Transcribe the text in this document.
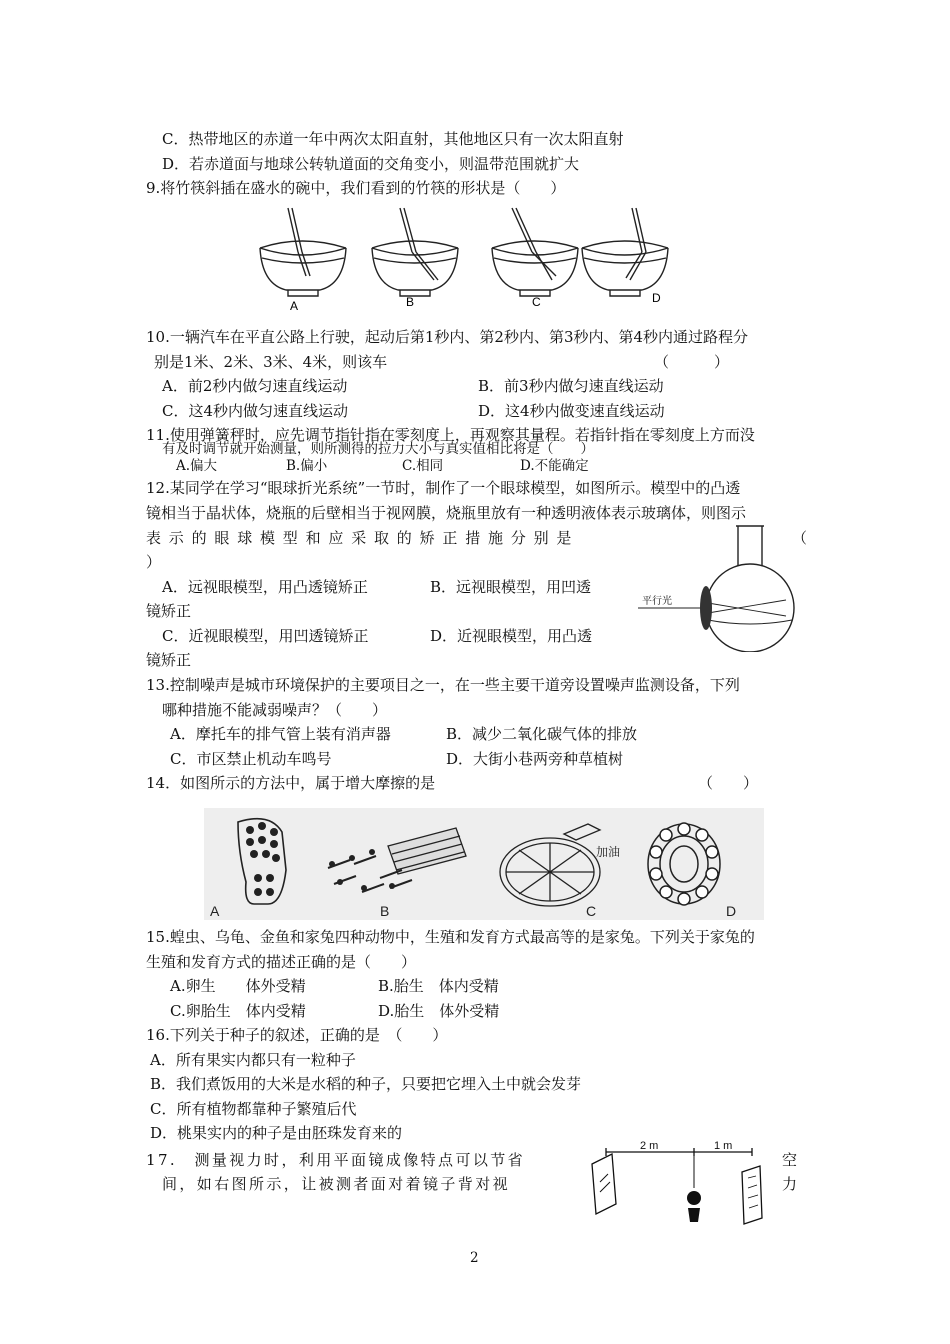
C．热带地区的赤道一年中两次太阳直射，其他地区只有一次太阳直射
D．若赤道面与地球公转轨道面的交角变小，则温带范围就扩大
9.将竹筷斜插在盛水的碗中，我们看到的竹筷的形状是（　　）
A	B	C	D
10.一辆汽车在平直公路上行驶，起动后第1秒内、第2秒内、第3秒内、第4秒内通过路程分
别是1米、2米、3米、4米，则该车	（　　　）
A．前2秒内做匀速直线运动	B．前3秒内做匀速直线运动
C．这4秒内做匀速直线运动	D．这4秒内做变速直线运动
11.使用弹簧秤时，应先调节指针指在零刻度上，再观察其量程。若指针指在零刻度上方而没
有及时调节就开始测量，则所测得的拉力大小与真实值相比将是（　　）
A.偏大	B.偏小	C.相同	D.不能确定
12.某同学在学习“眼球折光系统”一节时，制作了一个眼球模型，如图所示。模型中的凸透
镜相当于晶状体，烧瓶的后壁相当于视网膜，烧瓶里放有一种透明液体表示玻璃体，则图示
表示的眼球模型和应采取的矫正措施分别是	（
）
A．远视眼模型，用凸透镜矫正	B．远视眼模型，用凹透
镜矫正
C．近视眼模型，用凹透镜矫正	D．近视眼模型，用凸透
镜矫正
平行光
13.控制噪声是城市环境保护的主要项目之一，在一些主要干道旁设置噪声监测设备，下列
哪种措施不能减弱噪声？（　　）
A．摩托车的排气管上装有消声器	B．减少二氧化碳气体的排放
C．市区禁止机动车鸣号	D．大街小巷两旁种草植树
14．如图所示的方法中，属于增大摩擦的是	（　　）
A	B	C	D
加油
15.蝗虫、乌龟、金鱼和家兔四种动物中，生殖和发育方式最高等的是家兔。下列关于家兔的
生殖和发育方式的描述正确的是（　　）
A.卵生　　体外受精	B.胎生　体内受精
C.卵胎生　体内受精	D.胎生　体外受精
16.下列关于种子的叙述，正确的是　（　　）
A．所有果实内都只有一粒种子
B．我们煮饭用的大米是水稻的种子，只要把它埋入土中就会发芽
C．所有植物都靠种子繁殖后代
D．桃果实内的种子是由胚珠发育来的
17.　测量视力时，利用平面镜成像特点可以节省	空
间，如右图所示，让被测者面对着镜子背对视	力
2 m	1 m
2
